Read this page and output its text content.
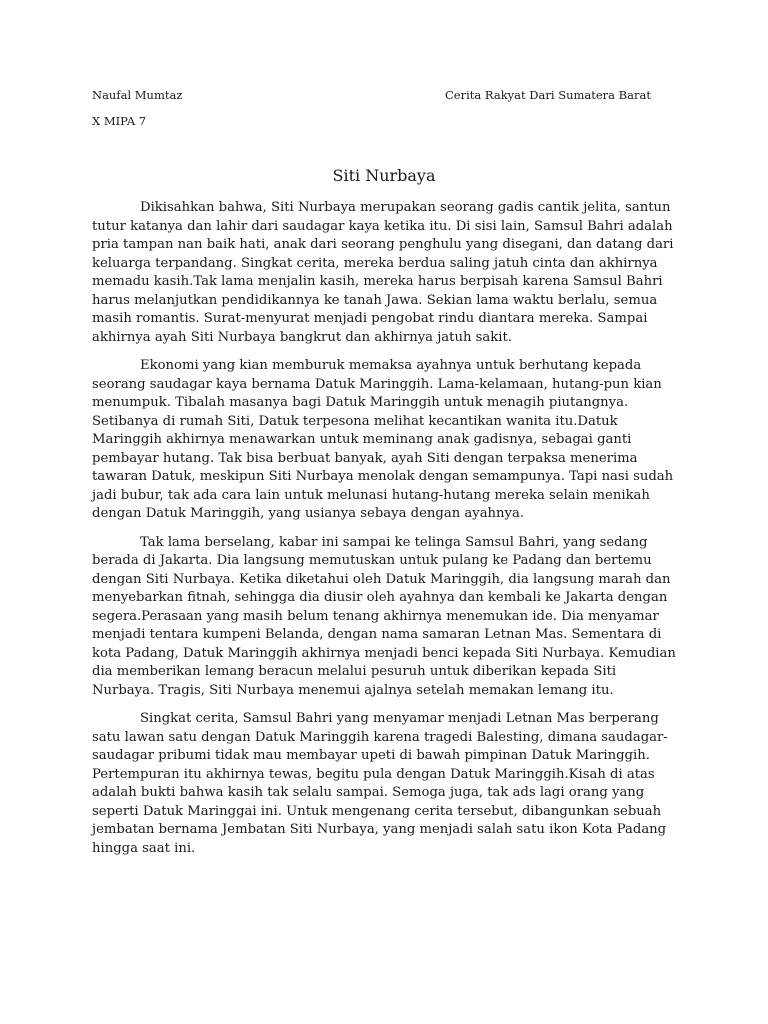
Naufal Mumtaz
X MIPA 7
Cerita Rakyat Dari Sumatera Barat
Siti Nurbaya

Dikisahkan bahwa, Siti Nurbaya merupakan seorang gadis cantik jelita, santun tutur katanya dan lahir dari saudagar kaya ketika itu. Di sisi lain, Samsul Bahri adalah pria tampan nan baik hati, anak dari seorang penghulu yang disegani, dan datang dari keluarga terpandang. Singkat cerita, mereka berdua saling jatuh cinta dan akhirnya memadu kasih.Tak lama menjalin kasih, mereka harus berpisah karena Samsul Bahri harus melanjutkan pendidikannya ke tanah Jawa. Sekian lama waktu berlalu, semua masih romantis. Surat-menyurat menjadi pengobat rindu diantara mereka. Sampai akhirnya ayah Siti Nurbaya bangkrut dan akhirnya jatuh sakit.

Ekonomi yang kian memburuk memaksa ayahnya untuk berhutang kepada seorang saudagar kaya bernama Datuk Maringgih. Lama-kelamaan, hutang-pun kian menumpuk. Tibalah masanya bagi Datuk Maringgih untuk menagih piutangnya. Setibanya di rumah Siti, Datuk terpesona melihat kecantikan wanita itu.Datuk Maringgih akhirnya menawarkan untuk meminang anak gadisnya, sebagai ganti pembayar hutang. Tak bisa berbuat banyak, ayah Siti dengan terpaksa menerima tawaran Datuk, meskipun Siti Nurbaya menolak dengan semampunya. Tapi nasi sudah jadi bubur, tak ada cara lain untuk melunasi hutang-hutang mereka selain menikah dengan Datuk Maringgih, yang usianya sebaya dengan ayahnya.

Tak lama berselang, kabar ini sampai ke telinga Samsul Bahri, yang sedang berada di Jakarta. Dia langsung memutuskan untuk pulang ke Padang dan bertemu dengan Siti Nurbaya. Ketika diketahui oleh Datuk Maringgih, dia langsung marah dan menyebarkan fitnah, sehingga dia diusir oleh ayahnya dan kembali ke Jakarta dengan segera.Perasaan yang masih belum tenang akhirnya menemukan ide. Dia menyamar menjadi tentara kumpeni Belanda, dengan nama samaran Letnan Mas. Sementara di kota Padang, Datuk Maringgih akhirnya menjadi benci kepada Siti Nurbaya. Kemudian dia memberikan lemang beracun melalui pesuruh untuk diberikan kepada Siti Nurbaya. Tragis, Siti Nurbaya menemui ajalnya setelah memakan lemang itu.

Singkat cerita, Samsul Bahri yang menyamar menjadi Letnan Mas berperang satu lawan satu dengan Datuk Maringgih karena tragedi Balesting, dimana saudagar-saudagar pribumi tidak mau membayar upeti di bawah pimpinan Datuk Maringgih. Pertempuran itu akhirnya tewas, begitu pula dengan Datuk Maringgih.Kisah di atas adalah bukti bahwa kasih tak selalu sampai. Semoga juga, tak ads lagi orang yang seperti Datuk Maringgai ini. Untuk mengenang cerita tersebut, dibangunkan sebuah jembatan bernama Jembatan Siti Nurbaya, yang menjadi salah satu ikon Kota Padang hingga saat ini.
